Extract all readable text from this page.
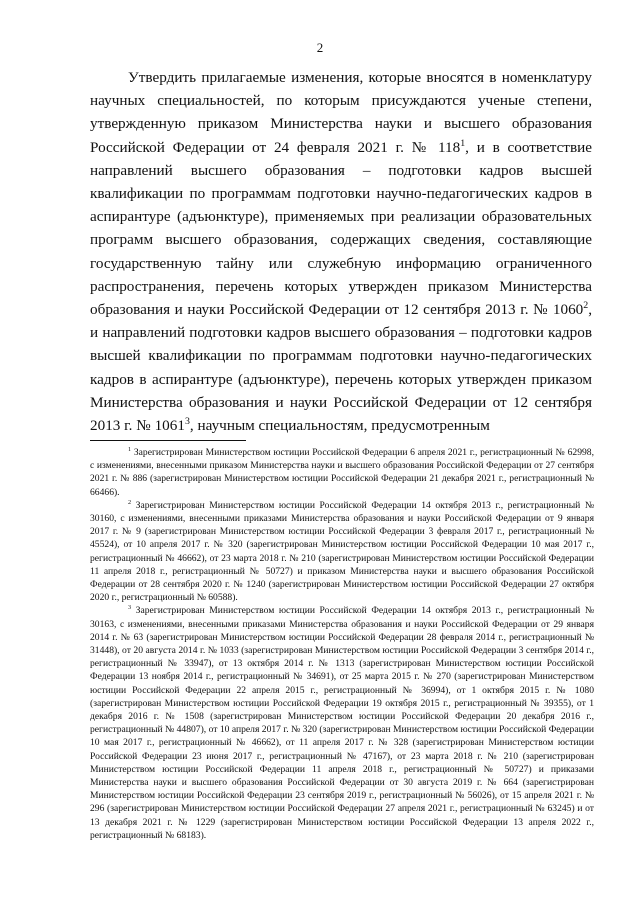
2

Утвердить прилагаемые изменения, которые вносятся в номенклатуру научных специальностей, по которым присуждаются ученые степени, утвержденную приказом Министерства науки и высшего образования Российской Федерации от 24 февраля 2021 г. № $118^1$, и в соответствие направлений высшего образования – подготовки кадров высшей квалификации по программам подготовки научно-педагогических кадров в аспирантуре (адъюнктуре), применяемых при реализации образовательных программ высшего образования, содержащих сведения, составляющие государственную тайну или служебную информацию ограниченного распространения, перечень которых утвержден приказом Министерства образования и науки Российской Федерации от 12 сентября 2013 г. № 1060$^2$, и направлений подготовки кадров высшего образования – подготовки кадров высшей квалификации по программам подготовки научно-педагогических кадров в аспирантуре (адъюнктуре), перечень которых утвержден приказом Министерства образования и науки Российской Федерации от 12 сентября 2013 г. № 1061$^3$, научным специальностям, предусмотренным

$^1$ Зарегистрирован Министерством юстиции Российской Федерации 6 апреля 2021 г., регистрационный № 62998, с изменениями, внесенными приказом Министерства науки и высшего образования Российской Федерации от 27 сентября 2021 г. № 886 (зарегистрирован Министерством юстиции Российской Федерации 21 декабря 2021 г., регистрационный № 66466).

$^2$ Зарегистрирован Министерством юстиции Российской Федерации 14 октября 2013 г., регистрационный № 30160, с изменениями, внесенными приказами Министерства образования и науки Российской Федерации от 9 января 2017 г. № 9 (зарегистрирован Министерством юстиции Российской Федерации 3 февраля 2017 г., регистрационный № 45524), от 10 апреля 2017 г. № 320 (зарегистрирован Министерством юстиции Российской Федерации 10 мая 2017 г., регистрационный № 46662), от 23 марта 2018 г. № 210 (зарегистрирован Министерством юстиции Российской Федерации 11 апреля 2018 г., регистрационный № 50727) и приказом Министерства науки и высшего образования Российской Федерации от 28 сентября 2020 г. № 1240 (зарегистрирован Министерством юстиции Российской Федерации 27 октября 2020 г., регистрационный № 60588).

$^3$ Зарегистрирован Министерством юстиции Российской Федерации 14 октября 2013 г., регистрационный № 30163, с изменениями, внесенными приказами Министерства образования и науки Российской Федерации от 29 января 2014 г. № 63 (зарегистрирован Министерством юстиции Российской Федерации 28 февраля 2014 г., регистрационный № 31448), от 20 августа 2014 г. № 1033 (зарегистрирован Министерством юстиции Российской Федерации 3 сентября 2014 г., регистрационный № 33947), от 13 октября 2014 г. № 1313 (зарегистрирован Министерством юстиции Российской Федерации 13 ноября 2014 г., регистрационный № 34691), от 25 марта 2015 г. № 270 (зарегистрирован Министерством юстиции Российской Федерации 22 апреля 2015 г., регистрационный № 36994), от 1 октября 2015 г. № 1080 (зарегистрирован Министерством юстиции Российской Федерации 19 октября 2015 г., регистрационный № 39355), от 1 декабря 2016 г. № 1508 (зарегистрирован Министерством юстиции Российской Федерации 20 декабря 2016 г., регистрационный № 44807), от 10 апреля 2017 г. № 320 (зарегистрирован Министерством юстиции Российской Федерации 10 мая 2017 г., регистрационный № 46662), от 11 апреля 2017 г. № 328 (зарегистрирован Министерством юстиции Российской Федерации 23 июня 2017 г., регистрационный № 47167), от 23 марта 2018 г. № 210 (зарегистрирован Министерством юстиции Российской Федерации 11 апреля 2018 г., регистрационный № 50727) и приказами Министерства науки и высшего образования Российской Федерации от 30 августа 2019 г. № 664 (зарегистрирован Министерством юстиции Российской Федерации 23 сентября 2019 г., регистрационный № 56026), от 15 апреля 2021 г. № 296 (зарегистрирован Министерством юстиции Российской Федерации 27 апреля 2021 г., регистрационный № 63245) и от 13 декабря 2021 г. № 1229 (зарегистрирован Министерством юстиции Российской Федерации 13 апреля 2022 г., регистрационный № 68183).
